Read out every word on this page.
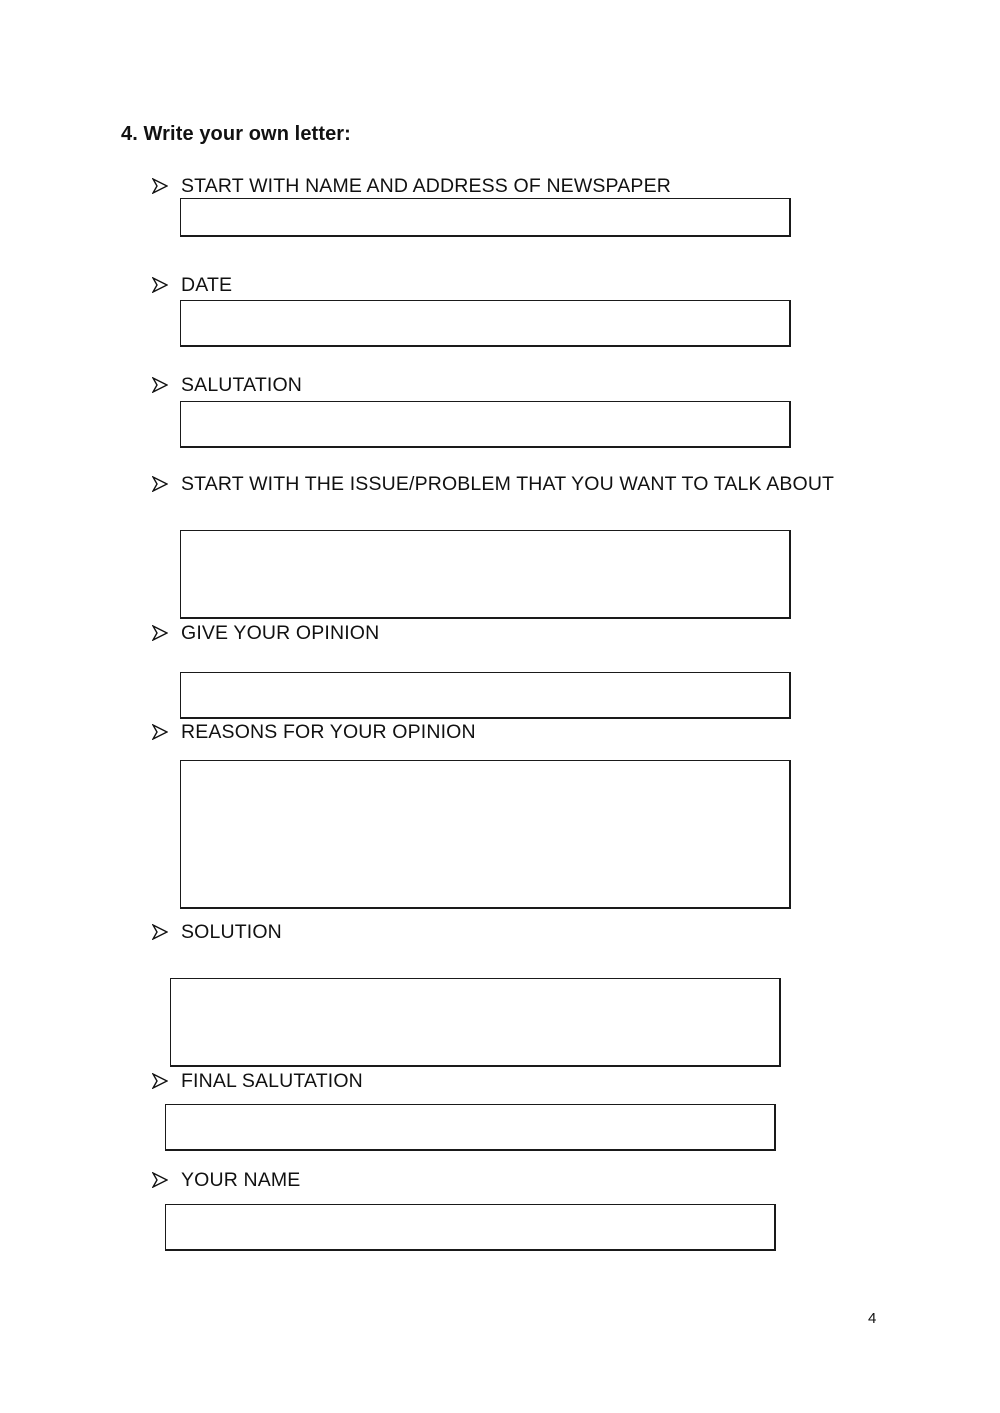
4. Write your own letter:
START WITH NAME AND ADDRESS OF NEWSPAPER
DATE
SALUTATION
START WITH THE ISSUE/PROBLEM THAT YOU WANT TO TALK ABOUT
GIVE YOUR OPINION
REASONS FOR YOUR OPINION
SOLUTION
FINAL SALUTATION
YOUR NAME
4
